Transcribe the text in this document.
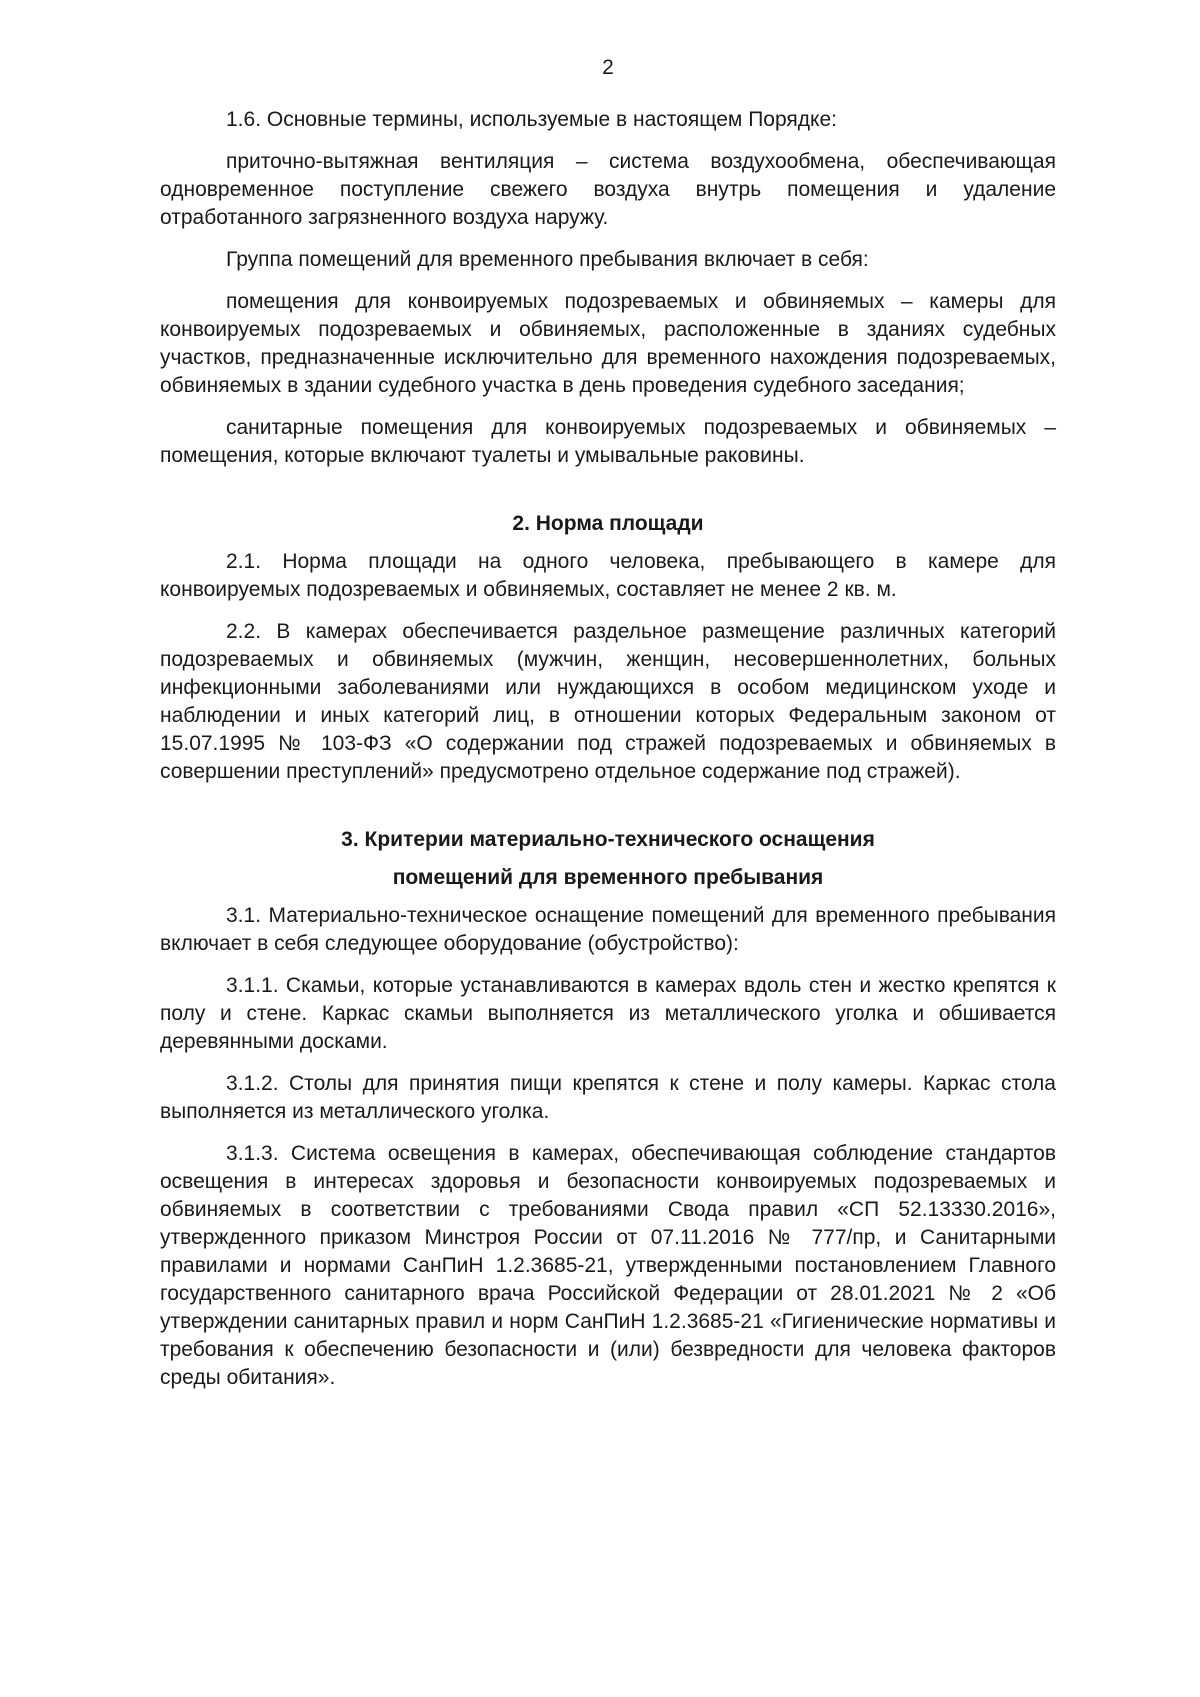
2

1.6. Основные термины, используемые в настоящем Порядке:

приточно-вытяжная вентиляция – система воздухообмена, обеспечивающая одновременное поступление свежего воздуха внутрь помещения и удаление отработанного загрязненного воздуха наружу.

Группа помещений для временного пребывания включает в себя:

помещения для конвоируемых подозреваемых и обвиняемых – камеры для конвоируемых подозреваемых и обвиняемых, расположенные в зданиях судебных участков, предназначенные исключительно для временного нахождения подозреваемых, обвиняемых в здании судебного участка в день проведения судебного заседания;

санитарные помещения для конвоируемых подозреваемых и обвиняемых – помещения, которые включают туалеты и умывальные раковины.

2. Норма площади

2.1. Норма площади на одного человека, пребывающего в камере для конвоируемых подозреваемых и обвиняемых, составляет не менее 2 кв. м.

2.2. В камерах обеспечивается раздельное размещение различных категорий подозреваемых и обвиняемых (мужчин, женщин, несовершеннолетних, больных инфекционными заболеваниями или нуждающихся в особом медицинском уходе и наблюдении и иных категорий лиц, в отношении которых Федеральным законом от 15.07.1995 № 103-ФЗ «О содержании под стражей подозреваемых и обвиняемых в совершении преступлений» предусмотрено отдельное содержание под стражей).

3. Критерии материально-технического оснащения
помещений для временного пребывания

3.1. Материально-техническое оснащение помещений для временного пребывания включает в себя следующее оборудование (обустройство):

3.1.1. Скамьи, которые устанавливаются в камерах вдоль стен и жестко крепятся к полу и стене. Каркас скамьи выполняется из металлического уголка и обшивается деревянными досками.

3.1.2. Столы для принятия пищи крепятся к стене и полу камеры. Каркас стола выполняется из металлического уголка.

3.1.3. Система освещения в камерах, обеспечивающая соблюдение стандартов освещения в интересах здоровья и безопасности конвоируемых подозреваемых и обвиняемых в соответствии с требованиями Свода правил «СП 52.13330.2016», утвержденного приказом Минстроя России от 07.11.2016 № 777/пр, и Санитарными правилами и нормами СанПиН 1.2.3685-21, утвержденными постановлением Главного государственного санитарного врача Российской Федерации от 28.01.2021 № 2 «Об утверждении санитарных правил и норм СанПиН 1.2.3685-21 «Гигиенические нормативы и требования к обеспечению безопасности и (или) безвредности для человека факторов среды обитания».
